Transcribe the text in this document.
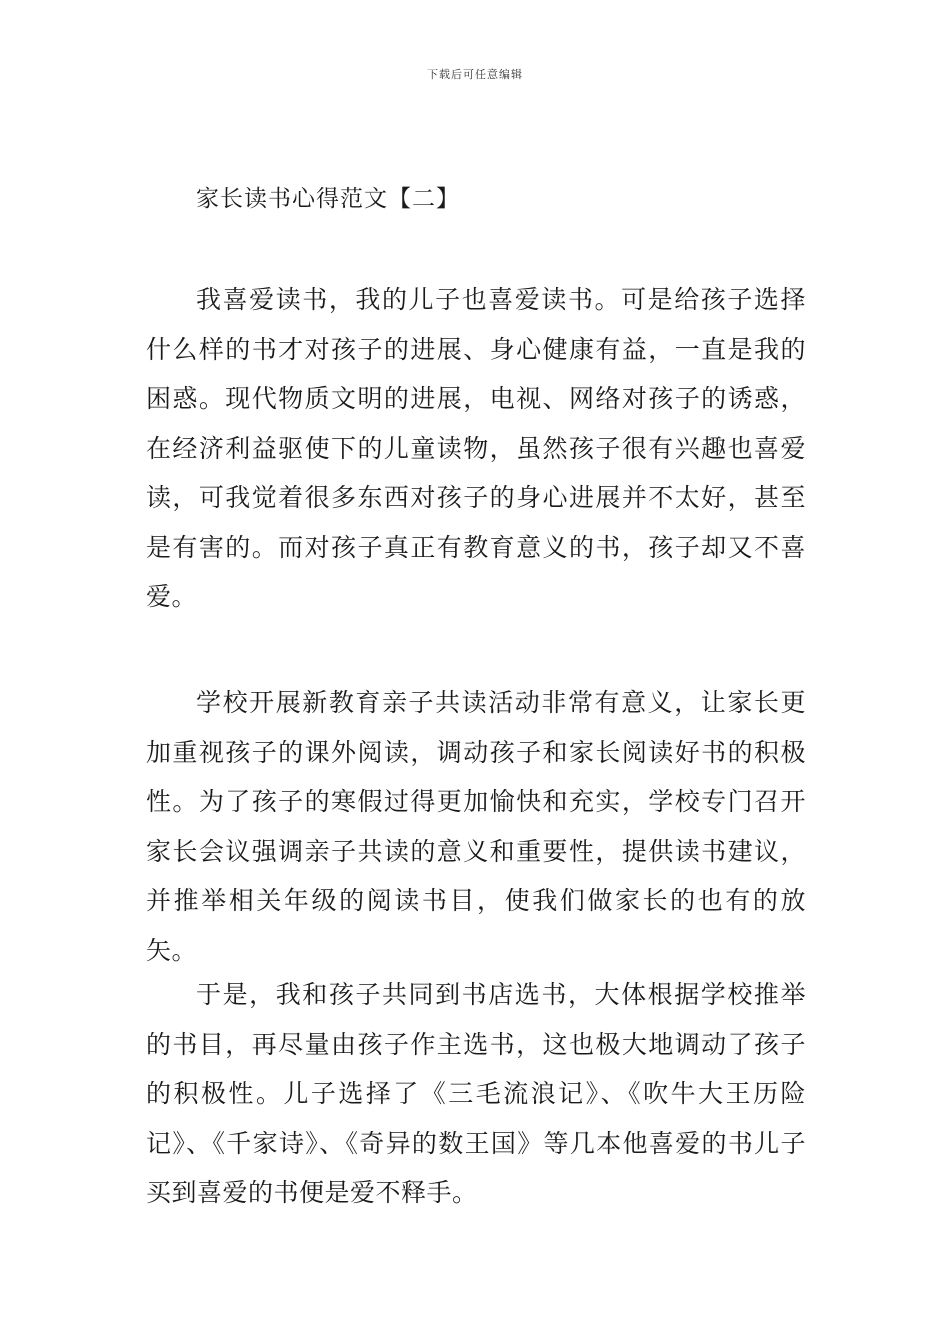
下载后可任意编辑
家长读书心得范文【二】

我喜爱读书，我的儿子也喜爱读书。可是给孩子选择什么样的书才对孩子的进展、身心健康有益，一直是我的困惑。现代物质文明的进展，电视、网络对孩子的诱惑，在经济利益驱使下的儿童读物，虽然孩子很有兴趣也喜爱读，可我觉着很多东西对孩子的身心进展并不太好，甚至是有害的。而对孩子真正有教育意义的书，孩子却又不喜爱。

学校开展新教育亲子共读活动非常有意义，让家长更加重视孩子的课外阅读，调动孩子和家长阅读好书的积极性。为了孩子的寒假过得更加愉快和充实，学校专门召开家长会议强调亲子共读的意义和重要性，提供读书建议，并推举相关年级的阅读书目，使我们做家长的也有的放矢。

于是，我和孩子共同到书店选书，大体根据学校推举的书目，再尽量由孩子作主选书，这也极大地调动了孩子的积极性。儿子选择了《三毛流浪记》、《吹牛大王历险记》、《千家诗》、《奇异的数王国》等几本他喜爱的书儿子买到喜爱的书便是爱不释手。
